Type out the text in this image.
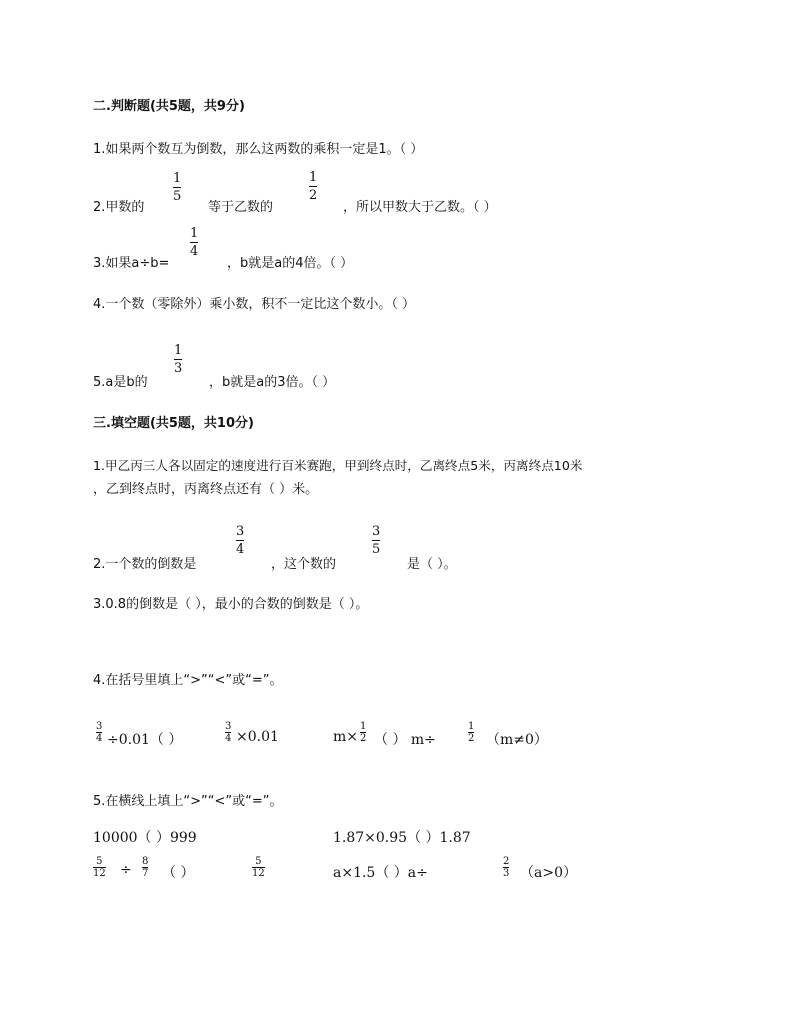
二.判断题(共5题，共9分)
1.如果两个数互为倒数，那么这两数的乘积一定是1。（ ）
2.甲数的
1
5
等于乙数的
1
2
，所以甲数大于乙数。（ ）
3.如果a÷b=
1
4
，b就是a的4倍。（ ）
4.一个数（零除外）乘小数，积不一定比这个数小。（ ）
5.a是b的
1
3
，b就是a的3倍。（ ）
三.填空题(共5题，共10分)
1.甲乙丙三人各以固定的速度进行百米赛跑，甲到终点时，乙离终点5米，丙离终点10米
，乙到终点时，丙离终点还有（ ）米。
2.一个数的倒数是
3
4
，这个数的
3
5
是（ ）。
3.0.8的倒数是（ ），最小的合数的倒数是（ ）。
4.在括号里填上“>”“<”或“=”。
3
4 ÷0.01（ ）
3
4 ×0.01	m×
1
2 （ ） m÷
1
2 （m≠0）
5.在横线上填上“>”“<”或“=”。
10000（ ）999	1.87×0.95（ ）1.87
5
12 ÷
8
7 （ ）
5
12	a×1.5（ ）a÷
2
3 （a>0）
